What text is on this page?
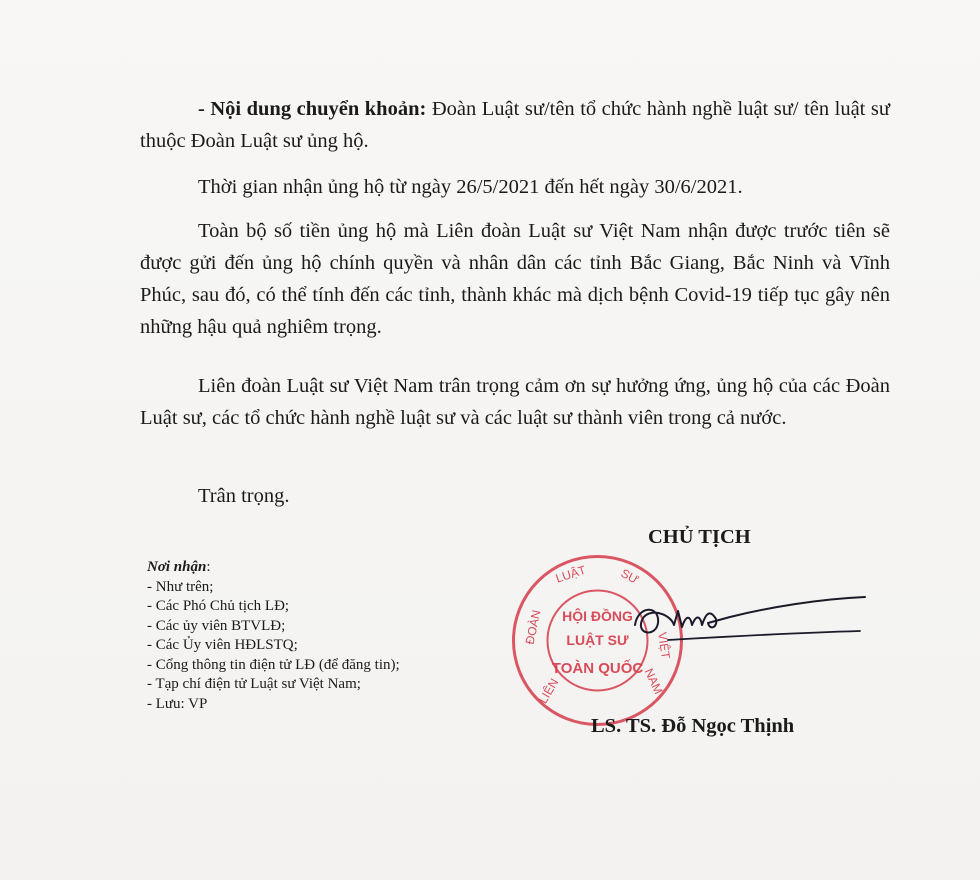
- Nội dung chuyển khoản: Đoàn Luật sư/tên tổ chức hành nghề luật sư/ tên luật sư thuộc Đoàn Luật sư ủng hộ.

Thời gian nhận ủng hộ từ ngày 26/5/2021 đến hết ngày 30/6/2021.

Toàn bộ số tiền ủng hộ mà Liên đoàn Luật sư Việt Nam nhận được trước tiên sẽ được gửi đến ủng hộ chính quyền và nhân dân các tỉnh Bắc Giang, Bắc Ninh và Vĩnh Phúc, sau đó, có thể tính đến các tỉnh, thành khác mà dịch bệnh Covid-19 tiếp tục gây nên những hậu quả nghiêm trọng.

Liên đoàn Luật sư Việt Nam trân trọng cảm ơn sự hưởng ứng, ủng hộ của các Đoàn Luật sư, các tổ chức hành nghề luật sư và các luật sư thành viên trong cả nước.

Trân trọng.

CHỦ TỊCH

Nơi nhận:
- Như trên;
- Các Phó Chủ tịch LĐ;
- Các ủy viên BTVLĐ;
- Các Ủy viên HĐLSTQ;
- Cổng thông tin điện tử LĐ (để đăng tin);
- Tạp chí điện tử Luật sư Việt Nam;
- Lưu: VP	LIÊN
ĐOÀN
LUẬT	SƯ
VIỆT
NAM
HỘI ĐỒNG
LUẬT SƯ
TOÀN QUỐC

LS. TS. Đỗ Ngọc Thịnh
